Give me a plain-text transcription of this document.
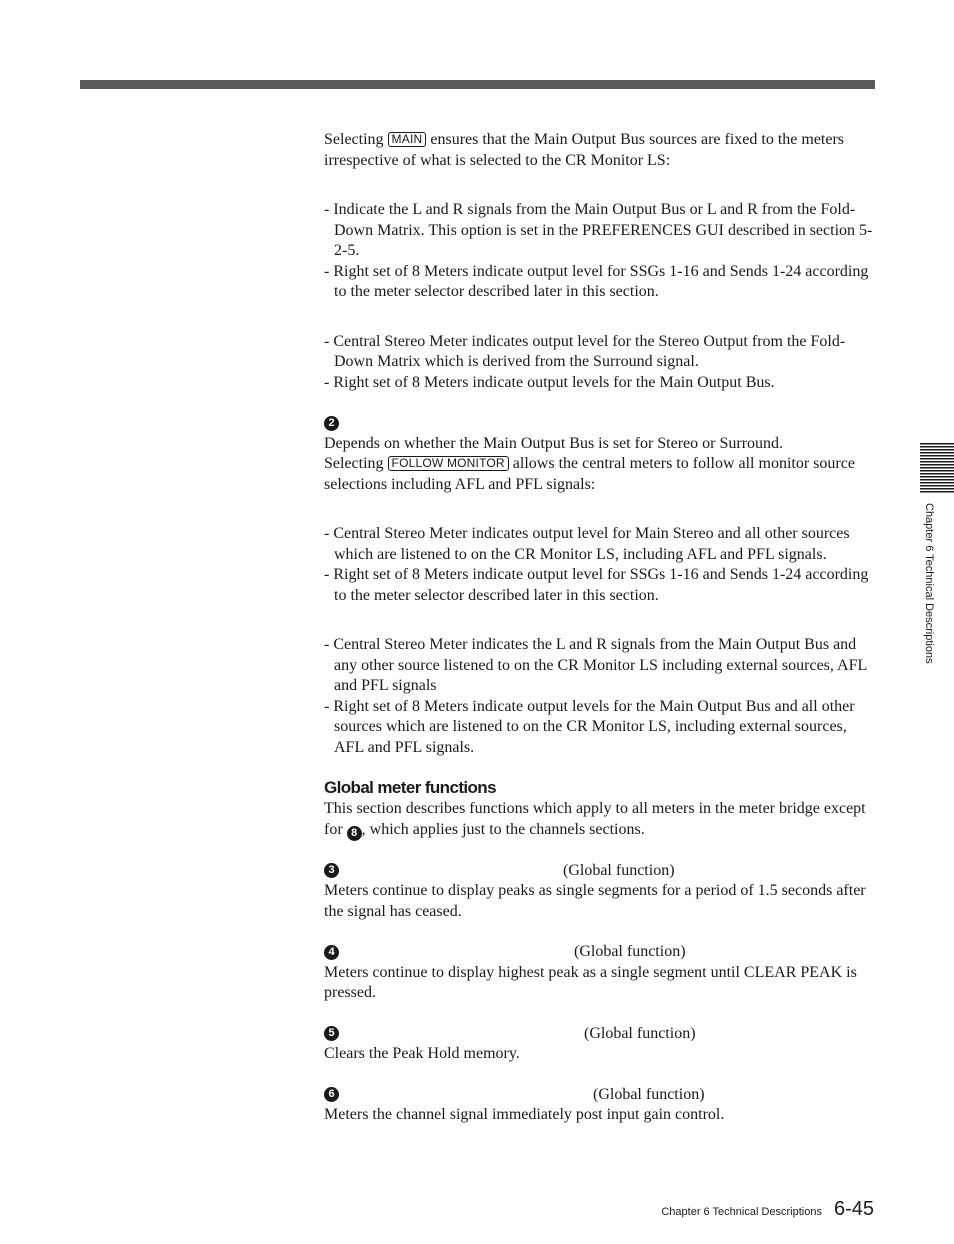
Selecting MAIN ensures that the Main Output Bus sources are fixed to the meters irrespective of what is selected to the CR Monitor LS:

- Indicate the L and R signals from the Main Output Bus or L and R from the Fold-Down Matrix. This option is set in the PREFERENCES GUI described in section 5-2-5.

- Right set of 8 Meters indicate output level for SSGs 1-16 and Sends 1-24 according to the meter selector described later in this section.

- Central Stereo Meter indicates output level for the Stereo Output from the Fold-Down Matrix which is derived from the Surround signal.

- Right set of 8 Meters indicate output levels for the Main Output Bus.

2

Depends on whether the Main Output Bus is set for Stereo or Surround.

Selecting FOLLOW MONITOR allows the central meters to follow all monitor source selections including AFL and PFL signals:

- Central Stereo Meter indicates output level for Main Stereo and all other sources which are listened to on the CR Monitor LS, including AFL and PFL signals.

- Right set of 8 Meters indicate output level for SSGs 1-16 and Sends 1-24 according to the meter selector described later in this section.

- Central Stereo Meter indicates the L and R signals from the Main Output Bus and any other source listened to on the CR Monitor LS including external sources, AFL and PFL signals

- Right set of 8 Meters indicate output levels for the Main Output Bus and all other sources which are listened to on the CR Monitor LS, including external sources, AFL and PFL signals.

Global meter functions

This section describes functions which apply to all meters in the meter bridge except for 8 , which applies just to the channels sections.

3	(Global function)

Meters continue to display peaks as single segments for a period of 1.5 seconds after the signal has ceased.

4	(Global function)

Meters continue to display highest peak as a single segment until CLEAR PEAK is pressed.

5	(Global function)

Clears the Peak Hold memory.

6	(Global function)

Meters the channel signal immediately post input gain control.

Chapter 6 Technical Descriptions
Chapter 6 Technical Descriptions 6-45
